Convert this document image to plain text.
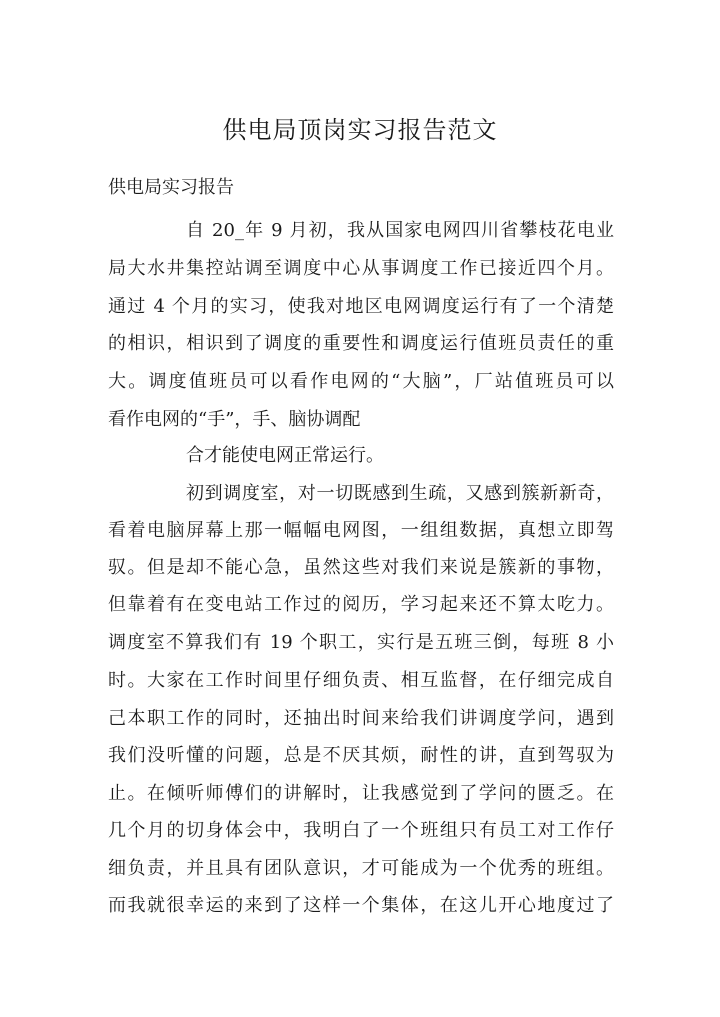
供电局顶岗实习报告范文

供电局实习报告

自 20_年 9 月初，我从国家电网四川省攀枝花电业

局大水井集控站调至调度中心从事调度工作已接近四个月。

通过 4 个月的实习，使我对地区电网调度运行有了一个清楚

的相识，相识到了调度的重要性和调度运行值班员责任的重

大。调度值班员可以看作电网的“大脑”，厂站值班员可以

看作电网的“手”，手、脑协调配

合才能使电网正常运行。

初到调度室，对一切既感到生疏，又感到簇新新奇，

看着电脑屏幕上那一幅幅电网图，一组组数据，真想立即驾

驭。但是却不能心急，虽然这些对我们来说是簇新的事物，

但靠着有在变电站工作过的阅历，学习起来还不算太吃力。

调度室不算我们有 19 个职工，实行是五班三倒，每班 8 小

时。大家在工作时间里仔细负责、相互监督，在仔细完成自

己本职工作的同时，还抽出时间来给我们讲调度学问，遇到

我们没听懂的问题，总是不厌其烦，耐性的讲，直到驾驭为

止。在倾听师傅们的讲解时，让我感觉到了学问的匮乏。在

几个月的切身体会中，我明白了一个班组只有员工对工作仔

细负责，并且具有团队意识，才可能成为一个优秀的班组。

而我就很幸运的来到了这样一个集体，在这儿开心地度过了
